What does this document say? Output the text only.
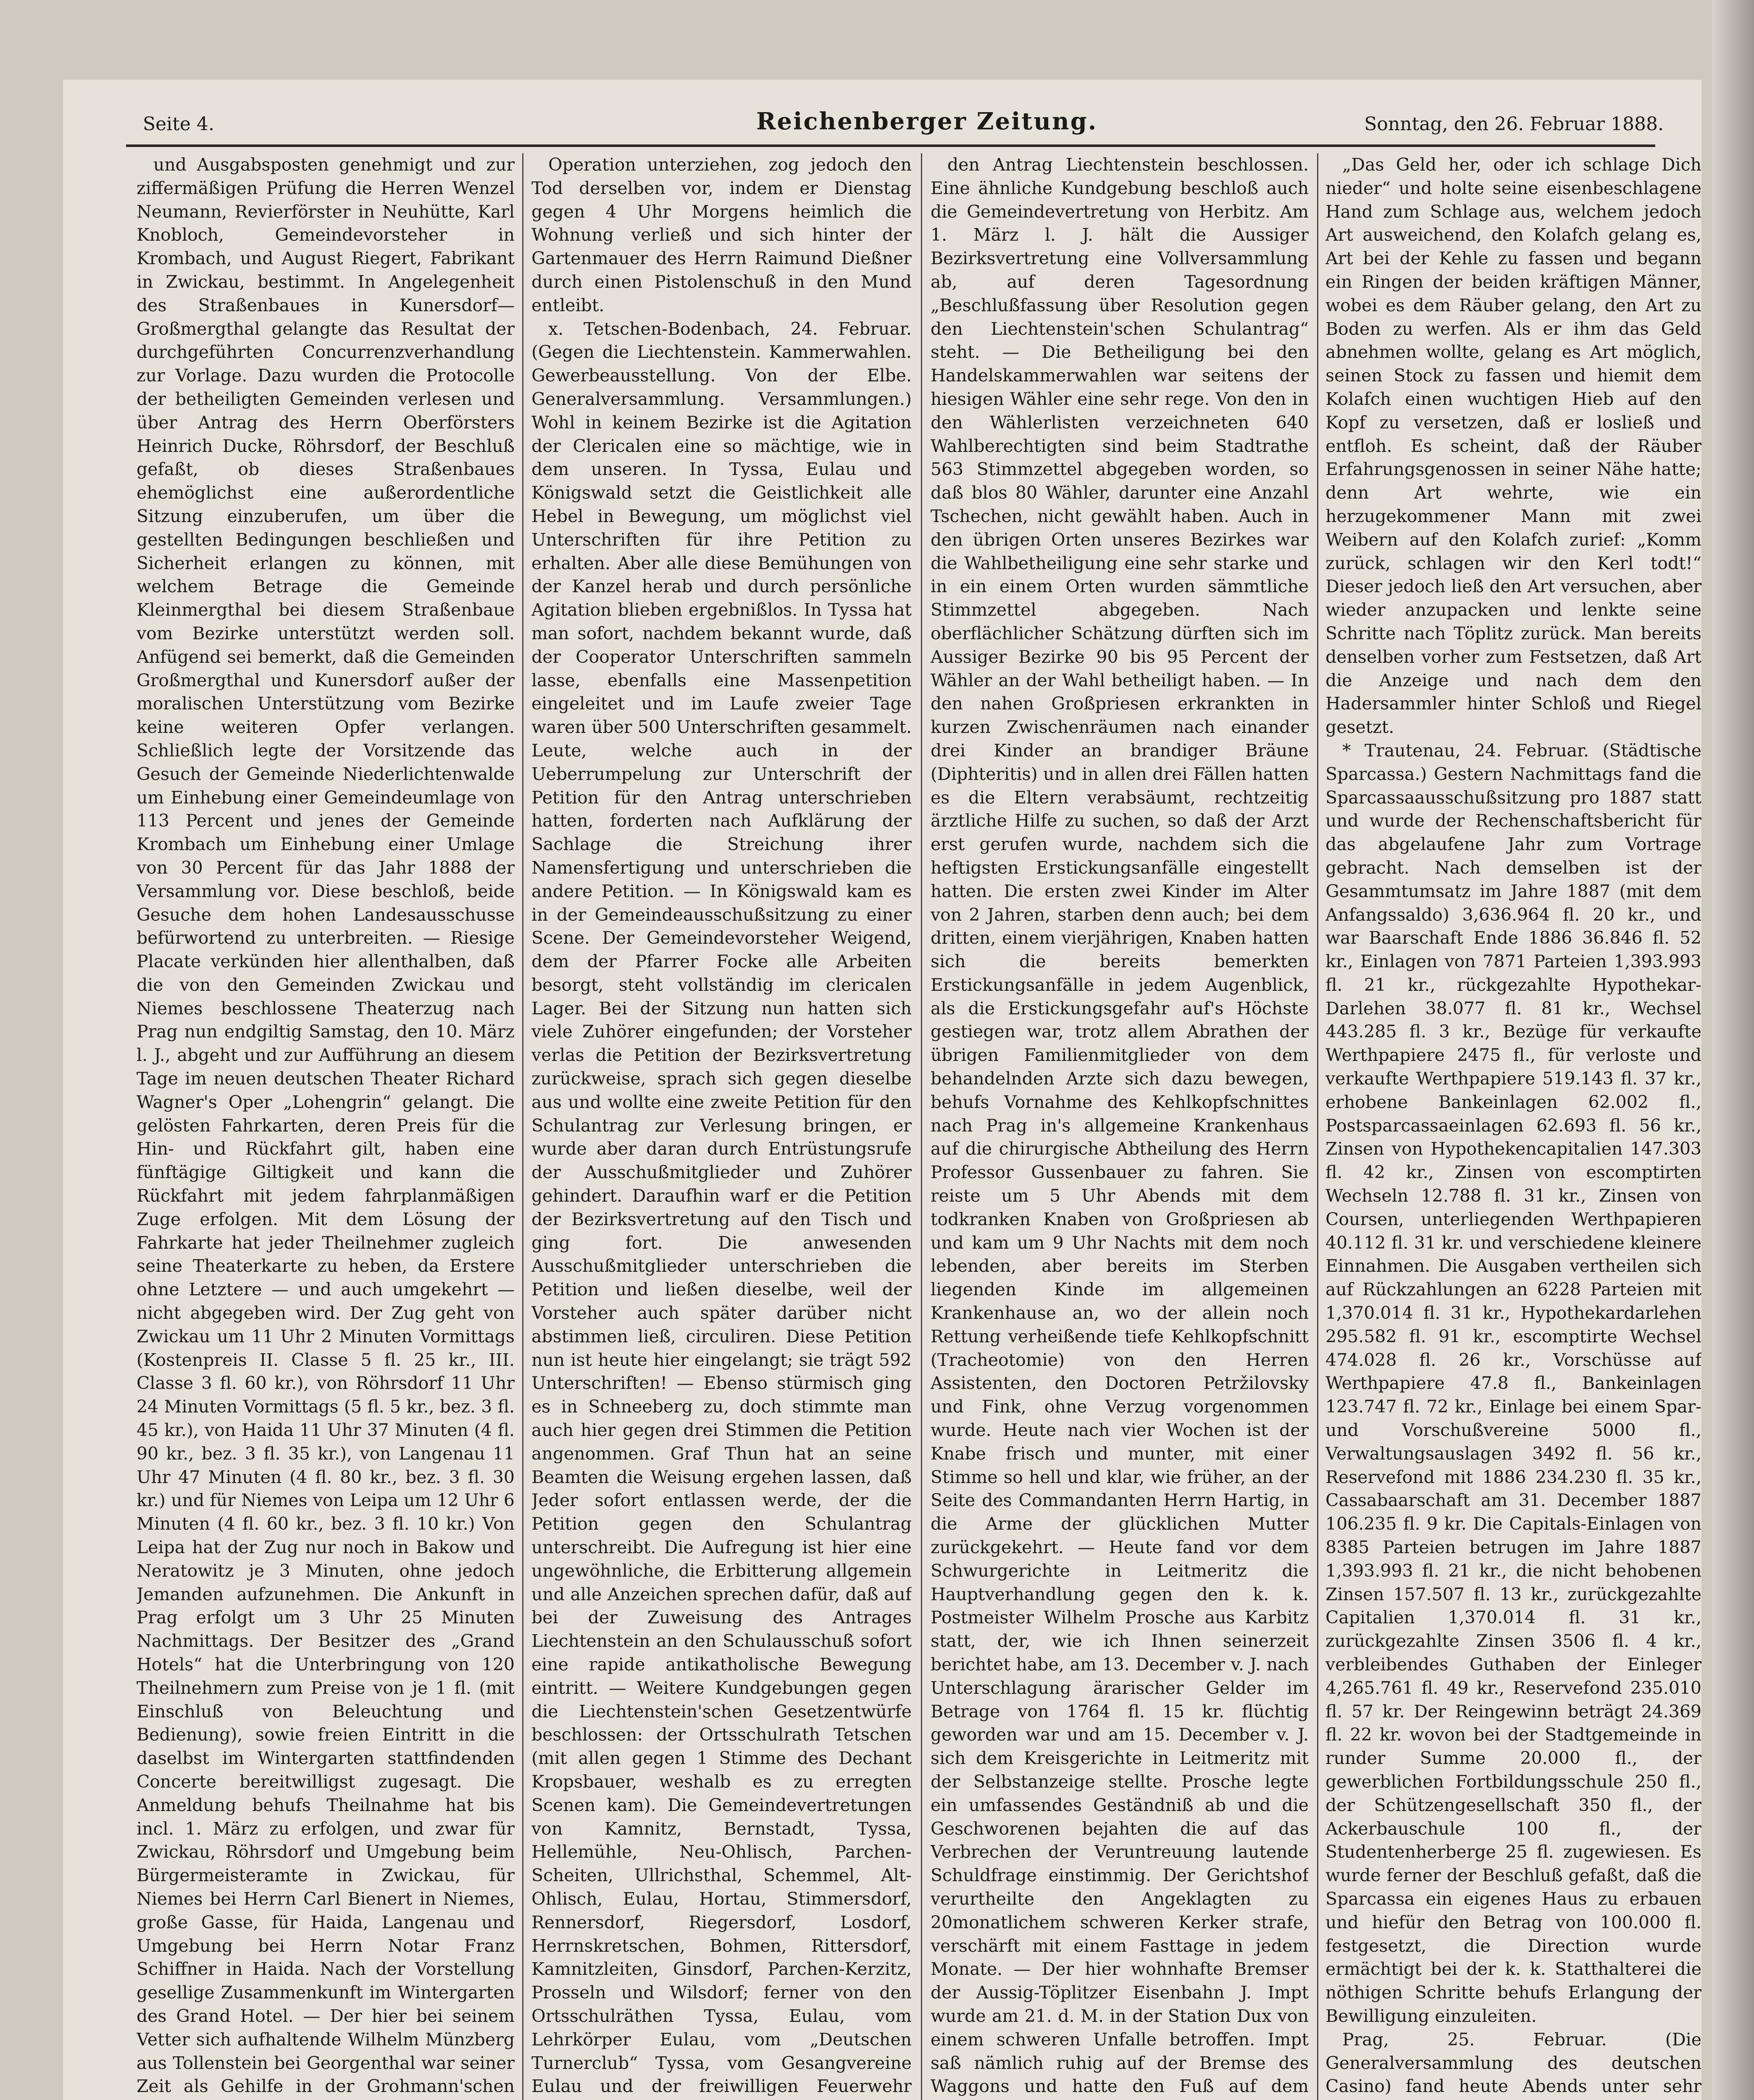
Seite 4.	Reichenberger Zeitung.	Sonntag, den 26. Februar 1888.

und Ausgabsposten genehmigt und zur ziffermäßigen Prüfung die Herren Wenzel Neumann, Revierförster in Neuhütte, Karl Knobloch, Gemeindevorsteher in Krombach, und August Riegert, Fabrikant in Zwickau, bestimmt. In Angelegenheit des Straßenbaues in Kunersdorf—Großmergthal gelangte das Resultat der durchgeführten Concurrenzverhandlung zur Vorlage. Dazu wurden die Protocolle der betheiligten Gemeinden verlesen und über Antrag des Herrn Oberförsters Heinrich Ducke, Röhrsdorf, der Beschluß gefaßt, ob dieses Straßenbaues ehemöglichst eine außerordentliche Sitzung einzuberufen, um über die gestellten Bedingungen beschließen und Sicherheit erlangen zu können, mit welchem Betrage die Gemeinde Kleinmergthal bei diesem Straßenbaue vom Bezirke unterstützt werden soll. Anfügend sei bemerkt, daß die Gemeinden Großmergthal und Kunersdorf außer der moralischen Unterstützung vom Bezirke keine weiteren Opfer verlangen. Schließlich legte der Vorsitzende das Gesuch der Gemeinde Niederlichtenwalde um Einhebung einer Gemeindeumlage von 113 Percent und jenes der Gemeinde Krombach um Einhebung einer Umlage von 30 Percent für das Jahr 1888 der Versammlung vor. Diese beschloß, beide Gesuche dem hohen Landesausschusse befürwortend zu unterbreiten. — Riesige Placate verkünden hier allenthalben, daß die von den Gemeinden Zwickau und Niemes beschlossene Theaterzug nach Prag nun endgiltig Samstag, den 10. März l. J., abgeht und zur Aufführung an diesem Tage im neuen deutschen Theater Richard Wagner's Oper „Lohengrin“ gelangt. Die gelösten Fahrkarten, deren Preis für die Hin- und Rückfahrt gilt, haben eine fünftägige Giltigkeit und kann die Rückfahrt mit jedem fahrplanmäßigen Zuge erfolgen. Mit dem Lösung der Fahrkarte hat jeder Theilnehmer zugleich seine Theaterkarte zu heben, da Erstere ohne Letztere — und auch umgekehrt — nicht abgegeben wird. Der Zug geht von Zwickau um 11 Uhr 2 Minuten Vormittags (Kostenpreis II. Classe 5 fl. 25 kr., III. Classe 3 fl. 60 kr.), von Röhrsdorf 11 Uhr 24 Minuten Vormittags (5 fl. 5 kr., bez. 3 fl. 45 kr.), von Haida 11 Uhr 37 Minuten (4 fl. 90 kr., bez. 3 fl. 35 kr.), von Langenau 11 Uhr 47 Minuten (4 fl. 80 kr., bez. 3 fl. 30 kr.) und für Niemes von Leipa um 12 Uhr 6 Minuten (4 fl. 60 kr., bez. 3 fl. 10 kr.) Von Leipa hat der Zug nur noch in Bakow und Neratowitz je 3 Minuten, ohne jedoch Jemanden aufzunehmen. Die Ankunft in Prag erfolgt um 3 Uhr 25 Minuten Nachmittags. Der Besitzer des „Grand Hotels“ hat die Unterbringung von 120 Theilnehmern zum Preise von je 1 fl. (mit Einschluß von Beleuchtung und Bedienung), sowie freien Eintritt in die daselbst im Wintergarten stattfindenden Concerte bereitwilligst zugesagt. Die Anmeldung behufs Theilnahme hat bis incl. 1. März zu erfolgen, und zwar für Zwickau, Röhrsdorf und Umgebung beim Bürgermeisteramte in Zwickau, für Niemes bei Herrn Carl Bienert in Niemes, große Gasse, für Haida, Langenau und Umgebung bei Herrn Notar Franz Schiffner in Haida. Nach der Vorstellung gesellige Zusammenkunft im Wintergarten des Grand Hotel. — Der hier bei seinem Vetter sich aufhaltende Wilhelm Münzberg aus Tollenstein bei Georgenthal war seiner Zeit als Gehilfe in der Grohmann'schen

Operation unterziehen, zog jedoch den Tod derselben vor, indem er Dienstag gegen 4 Uhr Morgens heimlich die Wohnung verließ und sich hinter der Gartenmauer des Herrn Raimund Dießner durch einen Pistolenschuß in den Mund entleibt.

x. Tetschen-Bodenbach, 24. Februar. (Gegen die Liechtenstein. Kammerwahlen. Gewerbeausstellung. Von der Elbe. Generalversammlung. Versammlungen.) Wohl in keinem Bezirke ist die Agitation der Clericalen eine so mächtige, wie in dem unseren. In Tyssa, Eulau und Königswald setzt die Geistlichkeit alle Hebel in Bewegung, um möglichst viel Unterschriften für ihre Petition zu erhalten. Aber alle diese Bemühungen von der Kanzel herab und durch persönliche Agitation blieben ergebnißlos. In Tyssa hat man sofort, nachdem bekannt wurde, daß der Cooperator Unterschriften sammeln lasse, ebenfalls eine Massenpetition eingeleitet und im Laufe zweier Tage waren über 500 Unterschriften gesammelt. Leute, welche auch in der Ueberrumpelung zur Unterschrift der Petition für den Antrag unterschrieben hatten, forderten nach Aufklärung der Sachlage die Streichung ihrer Namensfertigung und unterschrieben die andere Petition. — In Königswald kam es in der Gemeindeausschußsitzung zu einer Scene. Der Gemeindevorsteher Weigend, dem der Pfarrer Focke alle Arbeiten besorgt, steht vollständig im clericalen Lager. Bei der Sitzung nun hatten sich viele Zuhörer eingefunden; der Vorsteher verlas die Petition der Bezirksvertretung zurückweise, sprach sich gegen dieselbe aus und wollte eine zweite Petition für den Schulantrag zur Verlesung bringen, er wurde aber daran durch Entrüstungsrufe der Ausschußmitglieder und Zuhörer gehindert. Daraufhin warf er die Petition der Bezirksvertretung auf den Tisch und ging fort. Die anwesenden Ausschußmitglieder unterschrieben die Petition und ließen dieselbe, weil der Vorsteher auch später darüber nicht abstimmen ließ, circuliren. Diese Petition nun ist heute hier eingelangt; sie trägt 592 Unterschriften! — Ebenso stürmisch ging es in Schneeberg zu, doch stimmte man auch hier gegen drei Stimmen die Petition angenommen. Graf Thun hat an seine Beamten die Weisung ergehen lassen, daß Jeder sofort entlassen werde, der die Petition gegen den Schulantrag unterschreibt. Die Aufregung ist hier eine ungewöhnliche, die Erbitterung allgemein und alle Anzeichen sprechen dafür, daß auf bei der Zuweisung des Antrages Liechtenstein an den Schulausschuß sofort eine rapide antikatholische Bewegung eintritt. — Weitere Kundgebungen gegen die Liechtenstein'schen Gesetzentwürfe beschlossen: der Ortsschulrath Tetschen (mit allen gegen 1 Stimme des Dechant Kropsbauer, weshalb es zu erregten Scenen kam). Die Gemeindevertretungen von Kamnitz, Bernstadt, Tyssa, Hellemühle, Neu-Ohlisch, Parchen-Scheiten, Ullrichsthal, Schemmel, Alt-Ohlisch, Eulau, Hortau, Stimmersdorf, Rennersdorf, Riegersdorf, Losdorf, Herrnskretschen, Bohmen, Rittersdorf, Kamnitzleiten, Ginsdorf, Parchen-Kerzitz, Prosseln und Wilsdorf; ferner von den Ortsschulräthen Tyssa, Eulau, vom Lehrkörper Eulau, vom „Deutschen Turnerclub“ Tyssa, vom Gesangvereine Eulau und der freiwilligen Feuerwehr

den Antrag Liechtenstein beschlossen. Eine ähnliche Kundgebung beschloß auch die Gemeindevertretung von Herbitz. Am 1. März l. J. hält die Aussiger Bezirksvertretung eine Vollversammlung ab, auf deren Tagesordnung „Beschlußfassung über Resolution gegen den Liechtenstein'schen Schulantrag“ steht. — Die Betheiligung bei den Handelskammerwahlen war seitens der hiesigen Wähler eine sehr rege. Von den in den Wählerlisten verzeichneten 640 Wahlberechtigten sind beim Stadtrathe 563 Stimmzettel abgegeben worden, so daß blos 80 Wähler, darunter eine Anzahl Tschechen, nicht gewählt haben. Auch in den übrigen Orten unseres Bezirkes war die Wahlbetheiligung eine sehr starke und in ein einem Orten wurden sämmtliche Stimmzettel abgegeben. Nach oberflächlicher Schätzung dürften sich im Aussiger Bezirke 90 bis 95 Percent der Wähler an der Wahl betheiligt haben. — In den nahen Großpriesen erkrankten in kurzen Zwischenräumen nach einander drei Kinder an brandiger Bräune (Diphteritis) und in allen drei Fällen hatten es die Eltern verabsäumt, rechtzeitig ärztliche Hilfe zu suchen, so daß der Arzt erst gerufen wurde, nachdem sich die heftigsten Erstickungsanfälle eingestellt hatten. Die ersten zwei Kinder im Alter von 2 Jahren, starben denn auch; bei dem dritten, einem vierjährigen, Knaben hatten sich die bereits bemerkten Erstickungsanfälle in jedem Augenblick, als die Erstickungsgefahr auf's Höchste gestiegen war, trotz allem Abrathen der übrigen Familienmitglieder von dem behandelnden Arzte sich dazu bewegen, behufs Vornahme des Kehlkopfschnittes nach Prag in's allgemeine Krankenhaus auf die chirurgische Abtheilung des Herrn Professor Gussenbauer zu fahren. Sie reiste um 5 Uhr Abends mit dem todkranken Knaben von Großpriesen ab und kam um 9 Uhr Nachts mit dem noch lebenden, aber bereits im Sterben liegenden Kinde im allgemeinen Krankenhause an, wo der allein noch Rettung verheißende tiefe Kehlkopfschnitt (Tracheotomie) von den Herren Assistenten, den Doctoren Petržilovsky und Fink, ohne Verzug vorgenommen wurde. Heute nach vier Wochen ist der Knabe frisch und munter, mit einer Stimme so hell und klar, wie früher, an der Seite des Commandanten Herrn Hartig, in die Arme der glücklichen Mutter zurückgekehrt. — Heute fand vor dem Schwurgerichte in Leitmeritz die Hauptverhandlung gegen den k. k. Postmeister Wilhelm Prosche aus Karbitz statt, der, wie ich Ihnen seinerzeit berichtet habe, am 13. December v. J. nach Unterschlagung ärarischer Gelder im Betrage von 1764 fl. 15 kr. flüchtig geworden war und am 15. December v. J. sich dem Kreisgerichte in Leitmeritz mit der Selbstanzeige stellte. Prosche legte ein umfassendes Geständniß ab und die Geschworenen bejahten die auf das Verbrechen der Veruntreuung lautende Schuldfrage einstimmig. Der Gerichtshof verurtheilte den Angeklagten zu 20monatlichem schweren Kerker strafe, verschärft mit einem Fasttage in jedem Monate. — Der hier wohnhafte Bremser der Aussig-Töplitzer Eisenbahn J. Impt wurde am 21. d. M. in der Station Dux von einem schweren Unfalle betroffen. Impt saß nämlich ruhig auf der Bremse des Waggons und hatte den Fuß auf dem

„Das Geld her, oder ich schlage Dich nieder“ und holte seine eisenbeschlagene Hand zum Schlage aus, welchem jedoch Art ausweichend, den Kolafch gelang es, Art bei der Kehle zu fassen und begann ein Ringen der beiden kräftigen Männer, wobei es dem Räuber gelang, den Art zu Boden zu werfen. Als er ihm das Geld abnehmen wollte, gelang es Art möglich, seinen Stock zu fassen und hiemit dem Kolafch einen wuchtigen Hieb auf den Kopf zu versetzen, daß er losließ und entfloh. Es scheint, daß der Räuber Erfahrungsgenossen in seiner Nähe hatte; denn Art wehrte, wie ein herzugekommener Mann mit zwei Weibern auf den Kolafch zurief: „Komm zurück, schlagen wir den Kerl todt!“ Dieser jedoch ließ den Art versuchen, aber wieder anzupacken und lenkte seine Schritte nach Töplitz zurück. Man bereits denselben vorher zum Festsetzen, daß Art die Anzeige und nach dem den Hadersammler hinter Schloß und Riegel gesetzt.

* Trautenau, 24. Februar. (Städtische Sparcassa.) Gestern Nachmittags fand die Sparcassaausschußsitzung pro 1887 statt und wurde der Rechenschaftsbericht für das abgelaufene Jahr zum Vortrage gebracht. Nach demselben ist der Gesammtumsatz im Jahre 1887 (mit dem Anfangssaldo) 3,636.964 fl. 20 kr., und war Baarschaft Ende 1886 36.846 fl. 52 kr., Einlagen von 7871 Parteien 1,393.993 fl. 21 kr., rückgezahlte Hypothekar-Darlehen 38.077 fl. 81 kr., Wechsel 443.285 fl. 3 kr., Bezüge für verkaufte Werthpapiere 2475 fl., für verloste und verkaufte Werthpapiere 519.143 fl. 37 kr., erhobene Bankeinlagen 62.002 fl., Postsparcassaeinlagen 62.693 fl. 56 kr., Zinsen von Hypothekencapitalien 147.303 fl. 42 kr., Zinsen von escomptirten Wechseln 12.788 fl. 31 kr., Zinsen von Coursen, unterliegenden Werthpapieren 40.112 fl. 31 kr. und verschiedene kleinere Einnahmen. Die Ausgaben vertheilen sich auf Rückzahlungen an 6228 Parteien mit 1,370.014 fl. 31 kr., Hypothekardarlehen 295.582 fl. 91 kr., escomptirte Wechsel 474.028 fl. 26 kr., Vorschüsse auf Werthpapiere 47.8 fl., Bankeinlagen 123.747 fl. 72 kr., Einlage bei einem Spar- und Vorschußvereine 5000 fl., Verwaltungsauslagen 3492 fl. 56 kr., Reservefond mit 1886 234.230 fl. 35 kr., Cassabaarschaft am 31. December 1887 106.235 fl. 9 kr. Die Capitals-Einlagen von 8385 Parteien betrugen im Jahre 1887 1,393.993 fl. 21 kr., die nicht behobenen Zinsen 157.507 fl. 13 kr., zurückgezahlte Capitalien 1,370.014 fl. 31 kr., zurückgezahlte Zinsen 3506 fl. 4 kr., verbleibendes Guthaben der Einleger 4,265.761 fl. 49 kr., Reservefond 235.010 fl. 57 kr. Der Reingewinn beträgt 24.369 fl. 22 kr. wovon bei der Stadtgemeinde in runder Summe 20.000 fl., der gewerblichen Fortbildungsschule 250 fl., der Schützengesellschaft 350 fl., der Ackerbauschule 100 fl., der Studentenherberge 25 fl. zugewiesen. Es wurde ferner der Beschluß gefaßt, daß die Sparcassa ein eigenes Haus zu erbauen und hiefür den Betrag von 100.000 fl. festgesetzt, die Direction wurde ermächtigt bei der k. k. Statthalterei die nöthigen Schritte behufs Erlangung der Bewilligung einzuleiten.

Prag, 25. Februar. (Die Generalversammlung des deutschen Casino) fand heute Abends unter sehr
